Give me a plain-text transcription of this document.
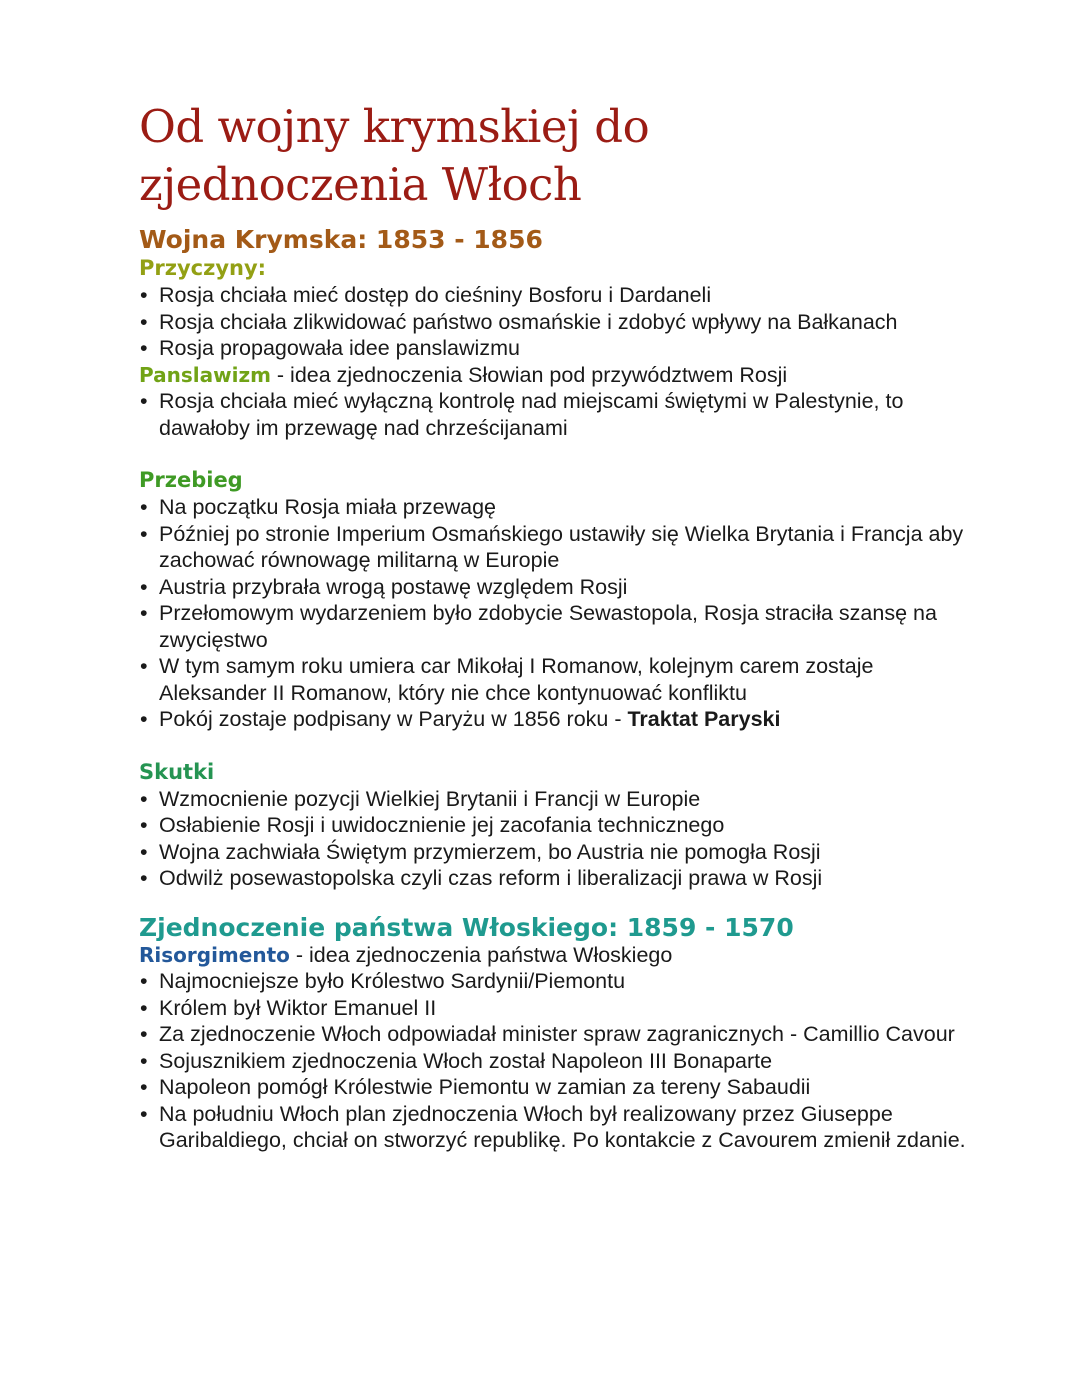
Od wojny krymskiej do
zjednoczenia Włoch
Wojna Krymska: 1853 - 1856
Przyczyny:
• Rosja chciała mieć dostęp do cieśniny Bosforu i Dardaneli
• Rosja chciała zlikwidować państwo osmańskie i zdobyć wpływy na Bałkanach
• Rosja propagowała idee panslawizmu

Panslawizm - idea zjednoczenia Słowian pod przywództwem Rosji

• Rosja chciała mieć wyłączną kontrolę nad miejscami świętymi w Palestynie, to dawałoby im przewagę nad chrześcijanami
Przebieg
• Na początku Rosja miała przewagę
• Później po stronie Imperium Osmańskiego ustawiły się Wielka Brytania i Francja aby zachować równowagę militarną w Europie
• Austria przybrała wrogą postawę względem Rosji
• Przełomowym wydarzeniem było zdobycie Sewastopola, Rosja straciła szansę na zwycięstwo
• W tym samym roku umiera car Mikołaj I Romanow, kolejnym carem zostaje Aleksander II Romanow, który nie chce kontynuować konfliktu
• Pokój zostaje podpisany w Paryżu w 1856 roku - Traktat Paryski
Skutki
• Wzmocnienie pozycji Wielkiej Brytanii i Francji w Europie
• Osłabienie Rosji i uwidocznienie jej zacofania technicznego
• Wojna zachwiała Świętym przymierzem, bo Austria nie pomogła Rosji
• Odwilż posewastopolska czyli czas reform i liberalizacji prawa w Rosji
Zjednoczenie państwa Włoskiego: 1859 - 1570

Risorgimento - idea zjednoczenia państwa Włoskiego

• Najmocniejsze było Królestwo Sardynii/Piemontu
• Królem był Wiktor Emanuel II
• Za zjednoczenie Włoch odpowiadał minister spraw zagranicznych - Camillio Cavour
• Sojusznikiem zjednoczenia Włoch został Napoleon III Bonaparte
• Napoleon pomógł Królestwie Piemontu w zamian za tereny Sabaudii
• Na południu Włoch plan zjednoczenia Włoch był realizowany przez Giuseppe Garibaldiego, chciał on stworzyć republikę. Po kontakcie z Cavourem zmienił zdanie.
